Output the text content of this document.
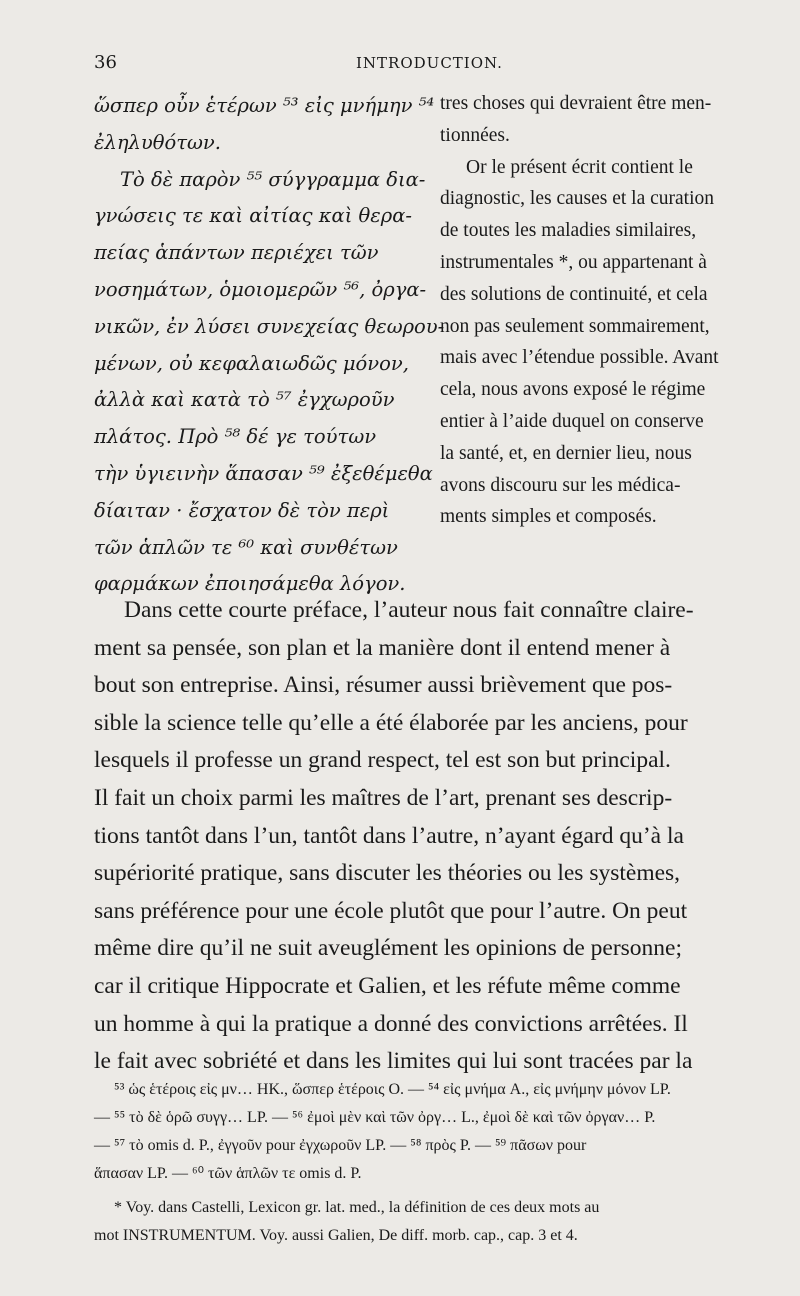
36	INTRODUCTION.
ὥσπερ οὖν ἑτέρων ⁵³ εἰς μνήμην ⁵⁴
ἐληλυθότων.
Τὸ δὲ παρὸν ⁵⁵ σύγγραμμα δια-
γνώσεις τε καὶ αἰτίας καὶ θερα-
πείας ἁπάντων περιέχει τῶν
νοσημάτων, ὁμοιομερῶν ⁵⁶, ὀργα-
νικῶν, ἐν λύσει συνεχείας θεωρου-
μένων, οὐ κεφαλαιωδῶς μόνον,
ἀλλὰ καὶ κατὰ τὸ ⁵⁷ ἐγχωροῦν
πλάτος. Πρὸ ⁵⁸ δέ γε τούτων
τὴν ὑγιεινὴν ἅπασαν ⁵⁹ ἐξεθέμεθα
δίαιταν · ἔσχατον δὲ τὸν περὶ
τῶν ἁπλῶν τε ⁶⁰ καὶ συνθέτων
φαρμάκων ἐποιησάμεθα λόγον.
tres choses qui devraient être men-
tionnées.
Or le présent écrit contient le
diagnostic, les causes et la curation
de toutes les maladies similaires,
instrumentales *, ou appartenant à
des solutions de continuité, et cela
non pas seulement sommairement,
mais avec l’étendue possible. Avant
cela, nous avons exposé le régime
entier à l’aide duquel on conserve
la santé, et, en dernier lieu, nous
avons discouru sur les médica-
ments simples et composés.
Dans cette courte préface, l’auteur nous fait connaître claire-
ment sa pensée, son plan et la manière dont il entend mener à
bout son entreprise. Ainsi, résumer aussi brièvement que pos-
sible la science telle qu’elle a été élaborée par les anciens, pour
lesquels il professe un grand respect, tel est son but principal.
Il fait un choix parmi les maîtres de l’art, prenant ses descrip-
tions tantôt dans l’un, tantôt dans l’autre, n’ayant égard qu’à la
supériorité pratique, sans discuter les théories ou les systèmes,
sans préférence pour une école plutôt que pour l’autre. On peut
même dire qu’il ne suit aveuglément les opinions de personne;
car il critique Hippocrate et Galien, et les réfute même comme
un homme à qui la pratique a donné des convictions arrêtées. Il
le fait avec sobriété et dans les limites qui lui sont tracées par la
⁵³ ὡς ἑτέροις εἰς μν… HK., ὥσπερ ἑτέροις O. — ⁵⁴ εἰς μνήμα A., εἰς μνήμην μόνον LP.
— ⁵⁵ τὸ δὲ ὁρῶ συγγ… LP. — ⁵⁶ ἐμοὶ μὲν καὶ τῶν ὀργ… L., ἐμοὶ δὲ καὶ τῶν ὀργαν… P.
— ⁵⁷ τὸ omis d. P., ἐγγοῦν pour ἐγχωροῦν LP. — ⁵⁸ πρὸς P. — ⁵⁹ πᾶσων pour
ἅπασαν LP. — ⁶⁰ τῶν ἁπλῶν τε omis d. P.
* Voy. dans Castelli, Lexicon gr. lat. med., la définition de ces deux mots au
mot INSTRUMENTUM. Voy. aussi Galien, De diff. morb. cap., cap. 3 et 4.
